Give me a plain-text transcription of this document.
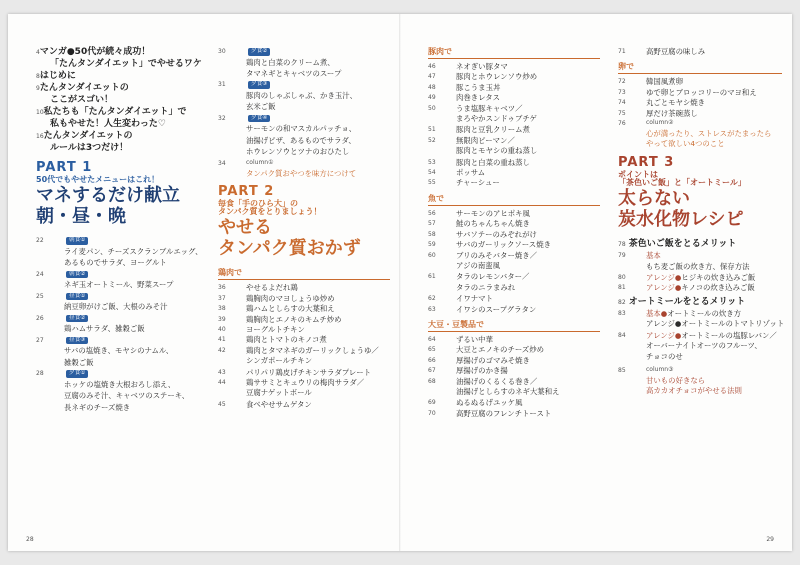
4マンガ●50代が続々成功！
「たんタンダイエット」でやせるワケ
8はじめに
9たんタンダイエットの
ここがスゴい！
10私たちも「たんタンダイエット」で
私もやせた！人生変わった♡
16たんタンダイエットの
ルールは3つだけ！
PART 1
50代でもやせたメニューはこれ！
マネするだけ献立
朝・昼・晩
22	朝食①
ライ麦パン、チーズスクランブルエッグ、
あるものでサラダ、ヨーグルト
24	朝食②
ネギ玉オートミール、野菜スープ
25	昼食①
納豆卵がけご飯、大根のみそ汁
26	昼食②
鶏ハムサラダ、雑穀ご飯
27	昼食③
サバの塩焼き、モヤシのナムル、
雑穀ご飯
28	夕食①
ホッケの塩焼き大根おろし添え、
豆腐のみそ汁、キャベツのステーキ、
長ネギのチーズ焼き
30	夕食②
鶏肉と白菜のクリーム煮、
タマネギとキャベツのスープ
31	夕食③
豚肉のしゃぶしゃぶ、かき玉汁、
玄米ご飯
32	夕食④
サーモンの和マスカルパッチョ、
油揚げピザ、あるものでサラダ、
ホウレンソウとツナのおひたし
34	column①
タンパク質おやつを味方につけて
PART 2
毎食「手のひら大」の
タンパク質をとりましょう！
やせる
タンパク質おかず
鶏肉で
36	やせるよだれ鶏
37	鶏胸肉のマヨしょうゆ炒め
38	鶏ハムとしらすの大葉和え
39	鶏胸肉とエノキのキムチ炒め
40	ヨーグルトチキン
41	鶏肉とトマトのキノコ煮
42	鶏肉とタマネギのガーリックしょうゆ／
シンガポールチキン
43	パリパリ鶏皮げチキンサラダプレート
44	鶏ササミとキュウリの梅肉サラダ／
豆腐ナゲットボール
45	食べやせサムゲタン
豚肉で
46	ネオぎい豚タマ
47	豚肉とホウレンソウ炒め
48	豚こうま玉丼
49	肉巻きレタス
50	うま塩豚キャベツ／
まろやかスンドゥブチゲ
51	豚肉と豆乳クリーム煮
52	無限肉ピーマン／
豚肉とモヤシの重ね蒸し
53	豚肉と白菜の重ね蒸し
54	ポッサム
55	チャーシュー
魚で
56	サーモンのアヒポキ風
57	鮭のちゃんちゃん焼き
58	サバソテーのみぞれがけ
59	サバのガーリックソース焼き
60	ブリのみそバター焼き／
アジの南蛮風
61	タラのレモンバター／
タラのニラまみれ
62	イワナマト
63	イワシのスープグラタン
大豆・豆製品で
64	ずるい中華
65	大豆とエノキのチーズ炒め
66	厚揚げのゴマみそ焼き
67	厚揚げのかき揚
68	油揚げのくるくる巻き／
油揚げとしらすのネギ大葉和え
69	ぬるぬるげユッケ風
70	高野豆腐のフレンチトースト
71	高野豆腐の味しみ
卵で
72	韓国風煮卵
73	ゆで卵とブロッコリーのマヨ和え
74	丸ごとモヤシ焼き
75	厚だけ茶碗蒸し
76	column②
心が満ったり、ストレスがたまったら
やって欲しい4つのこと
PART 3
ポイントは
「茶色いご飯」と「オートミール」
太らない
炭水化物レシピ
78 茶色いご飯をとるメリット
79	基本
もち麦ご飯の炊き方、保存方法
80	アレンジ ● ヒジキの炊き込みご飯
81	アレンジ ● キノコの炊き込みご飯
82 オートミールをとるメリット
83	基本 ● オートミールの炊き方
アレンジ●オートミールのトマトリゾット
84	アレンジ ● オートミールの塩豚レバン／
オーバーナイトオーツのフルーツ、
チョコのせ
85	column③
甘いもの好きなら
高カカオチョコがやせる法則
28	29
